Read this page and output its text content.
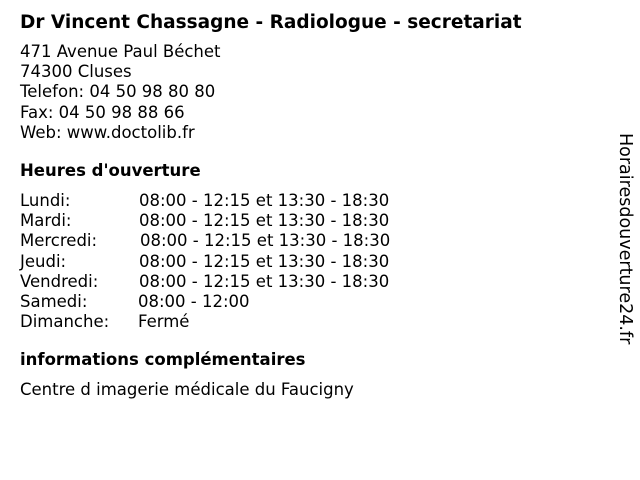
Dr Vincent Chassagne - Radiologue - secretariat
471 Avenue Paul Béchet
74300 Cluses
Telefon: 04 50 98 80 80
Fax: 04 50 98 88 66
Web: www.doctolib.fr
Heures d'ouverture
Lundi:	08:00 - 12:15 et 13:30 - 18:30
Mardi:	08:00 - 12:15 et 13:30 - 18:30
Mercredi:	08:00 - 12:15 et 13:30 - 18:30
Jeudi:	08:00 - 12:15 et 13:30 - 18:30
Vendredi: 08:00 - 12:15 et 13:30 - 18:30
Samedi:	08:00 - 12:00
Dimanche: Fermé
informations complémentaires
Centre d imagerie médicale du Faucigny
Horairesdouverture24.fr
